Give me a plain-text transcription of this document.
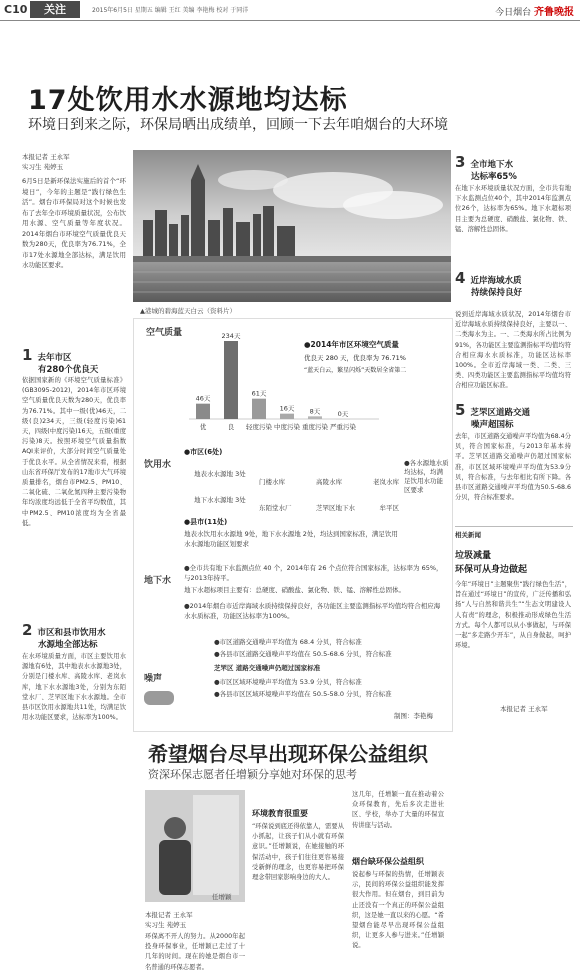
C10	关注	2015年6月5日 星期五 编辑 王红 美编 李艳梅 校对 于同洋	今日烟台 齐鲁晚报
17处饮用水水源地均达标
环境日到来之际，环保局晒出成绩单，回顾一下去年咱烟台的大环境
本报记者 王永军
实习生 苑婷玉
6月5日是新环保法实施后的首个“环境日”，今年的主题是“践行绿色生活”。烟台市环保局对这个时候也发布了去年全市环境质量状况，公布饮用水源、空气质量等年度状况。2014年烟台市环境空气质量优良天数为280天，优良率为76.71%，全市17处水源地全部达标，满足饮用水功能区要求。
▲港城的碧海蓝天白云（资料片）
1 去年市区
有280个优良天
依据国家新的《环境空气质量标准》(GB3095-2012)，2014年市区环境空气质量优良天数为280天，优良率为76.71%。其中一级(优)46天，二级(良)234天，三级(轻度污染)61天，四级(中度污染)16天，五级(重度污染)8天。按照环境空气质量指数AQI来评价，大部分时间空气质量处于优良水平。从全省情况来看，根据山东省环保厅发布的17地市大气环境质量排名，烟台市PM2.5、PM10、二氧化硫、二氧化氮四种主要污染物年均浓度均远低于全省平均数值，其中PM2.5、PM10浓度均为全省最低。
2 市区和县市饮用水
水源地全部达标
在水环境质量方面，市区主要饮用水源地有6处，其中地表水水源地3处，分别是门楼水库、高陵水库、老岚水库，地下水水源地3处，分别为东陌堂水厂、芝罘区地下水水源地。全市县市区饮用水源地共11处，均满足饮用水功能区要求，达标率为100%。
3 全市地下水
达标率65%
在地下水环境质量状况方面，全市共有地下水监测点位40个，其中2014年监测点位26个，达标率为65%。地下水超标项目主要为总硬度、硝酸盐、氯化物、铁、锰、溶解性总固体。
4 近岸海域水质
持续保持良好
说到近岸海域水质状况，2014年烟台市近岸海域水质持续保持良好，主要以一、二类海水为主。一、二类海水所占比例为91%，各功能区主要监测指标平均值均符合相应海水水质标准，功能区达标率100%。全市近岸海域一类、二类、三类、四类功能区主要监测指标平均值均符合相应功能区标准。
5 芝罘区道路交通
噪声超国标
去年，市区道路交通噪声平均值为68.4分贝，符合国家标准，与2013年基本持平。芝罘区道路交通噪声仍超过国家标准，市区区域环境噪声平均值为53.9分贝，符合标准，与去年相比有所下降。各县市区道路交通噪声平均值为50.5-68.6分贝，符合标准要求。
相关新闻
垃圾减量
环保可从身边做起
今年“环境日”主题聚焦“践行绿色生活”，旨在通过“环境日”的宣传，广泛传播和弘扬“人与自然和谐共生”“生态文明建设人人有责”的理念，积极推动形成绿色生活方式。每个人都可以从小事做起，与环保一起“多走路少开车”，从自身做起，呵护环境。
本报记者 王永军
空气质量
●2014年市区环境空气质量
优良天 280 天，优良率为 76.71%
“蓝天白云，繁星闪烁”天数居全省第二
46天
优
234天
良
61天
轻度污染
16天
中度污染
8天
重度污染
0天
严重污染
饮用水
●市区(6处)
地表水水源地 3处
地下水水源地 3处
门楼水库	高陵水库	老岚水库
东陌堂水厂	芝罘区地下水	牟平区
●各水源地水质均达标，均满足饮用水功能区要求
●县市(11处)
地表水饮用水水源地 9处，地下水水源地 2处，均达到国家标准，满足饮用水水源地功能区划要求
地下水
●全市共有地下水监测点位 40 个，2014年有 26 个点位符合国家标准，达标率为 65%，与2013年持平。
地下水超标项目主要有：总硬度、硝酸盐、氯化物、铁、锰、溶解性总固体。
●2014年烟台市近岸海域水质持续保持良好，各功能区主要监测指标平均值均符合相应海水水质标准，功能区达标率为100%。
噪声
●市区道路交通噪声平均值为 68.4 分贝，符合标准
●各县市区道路交通噪声平均值在 50.5-68.6 分贝，符合标准
芝罘区 道路交通噪声仍超过国家标准
●市区区域环境噪声平均值为 53.9 分贝，符合标准
●各县市区区域环境噪声平均值在 50.5-58.0 分贝，符合标准
制图：李艳梅
希望烟台尽早出现环保公益组织
资深环保志愿者任增颖分享她对环保的思考
任增颖
本报记者 王永军
实习生 苑婷玉
环保离不开人的努力。从2000年起投身环保事业，任增颖已走过了十几年的时间。现在的她是烟台市一名普通的环保志愿者。
环境教育很重要
“环保说到底还得依靠人，需要从小抓起，让孩子们从小就有环保意识。”任增颖说，在她接触的环保活动中，孩子们往往更容易接受新鲜的理念，也更容易把环保理念带回家影响身边的大人。
这几年，任增颖一直在推动着公众环保教育，先后多次走进社区、学校，举办了大量的环保宣传讲座与活动。
烟台缺环保公益组织
说起参与环保的热情，任增颖表示，民间的环保公益组织能发挥很大作用。但在烟台，到目前为止还没有一个真正的环保公益组织，这是她一直以来的心愿。“希望烟台能尽早出现环保公益组织，让更多人参与进来。”任增颖说。
